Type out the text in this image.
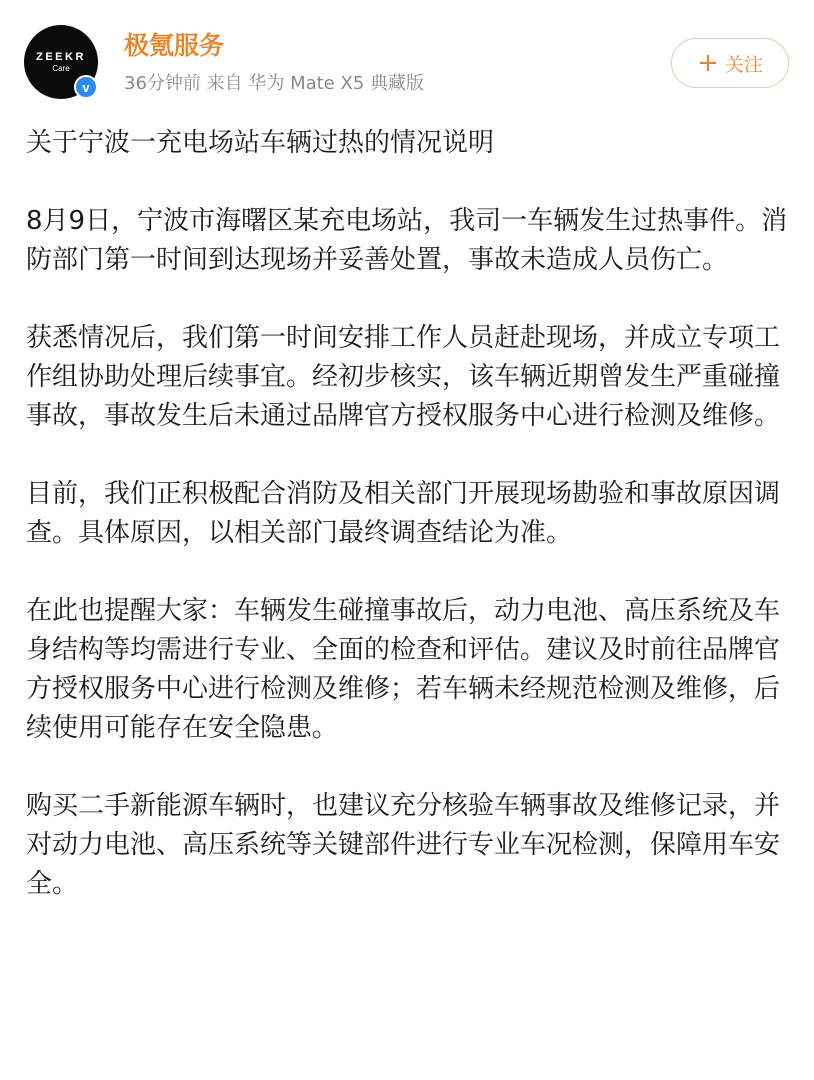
ZEEKR
Care
v
极氪服务
36分钟前 来自 华为 Mate X5 典藏版
+ 关注

关于宁波一充电场站车辆过热的情况说明

8月9日，宁波市海曙区某充电场站，我司一车辆发生过热事件。消防部门第一时间到达现场并妥善处置，事故未造成人员伤亡。

获悉情况后，我们第一时间安排工作人员赶赴现场，并成立专项工作组协助处理后续事宜。经初步核实，该车辆近期曾发生严重碰撞事故，事故发生后未通过品牌官方授权服务中心进行检测及维修。

目前，我们正积极配合消防及相关部门开展现场勘验和事故原因调查。具体原因，以相关部门最终调查结论为准。

在此也提醒大家：车辆发生碰撞事故后，动力电池、高压系统及车身结构等均需进行专业、全面的检查和评估。建议及时前往品牌官方授权服务中心进行检测及维修；若车辆未经规范检测及维修，后续使用可能存在安全隐患。

购买二手新能源车辆时，也建议充分核验车辆事故及维修记录，并对动力电池、高压系统等关键部件进行专业车况检测，保障用车安全。
